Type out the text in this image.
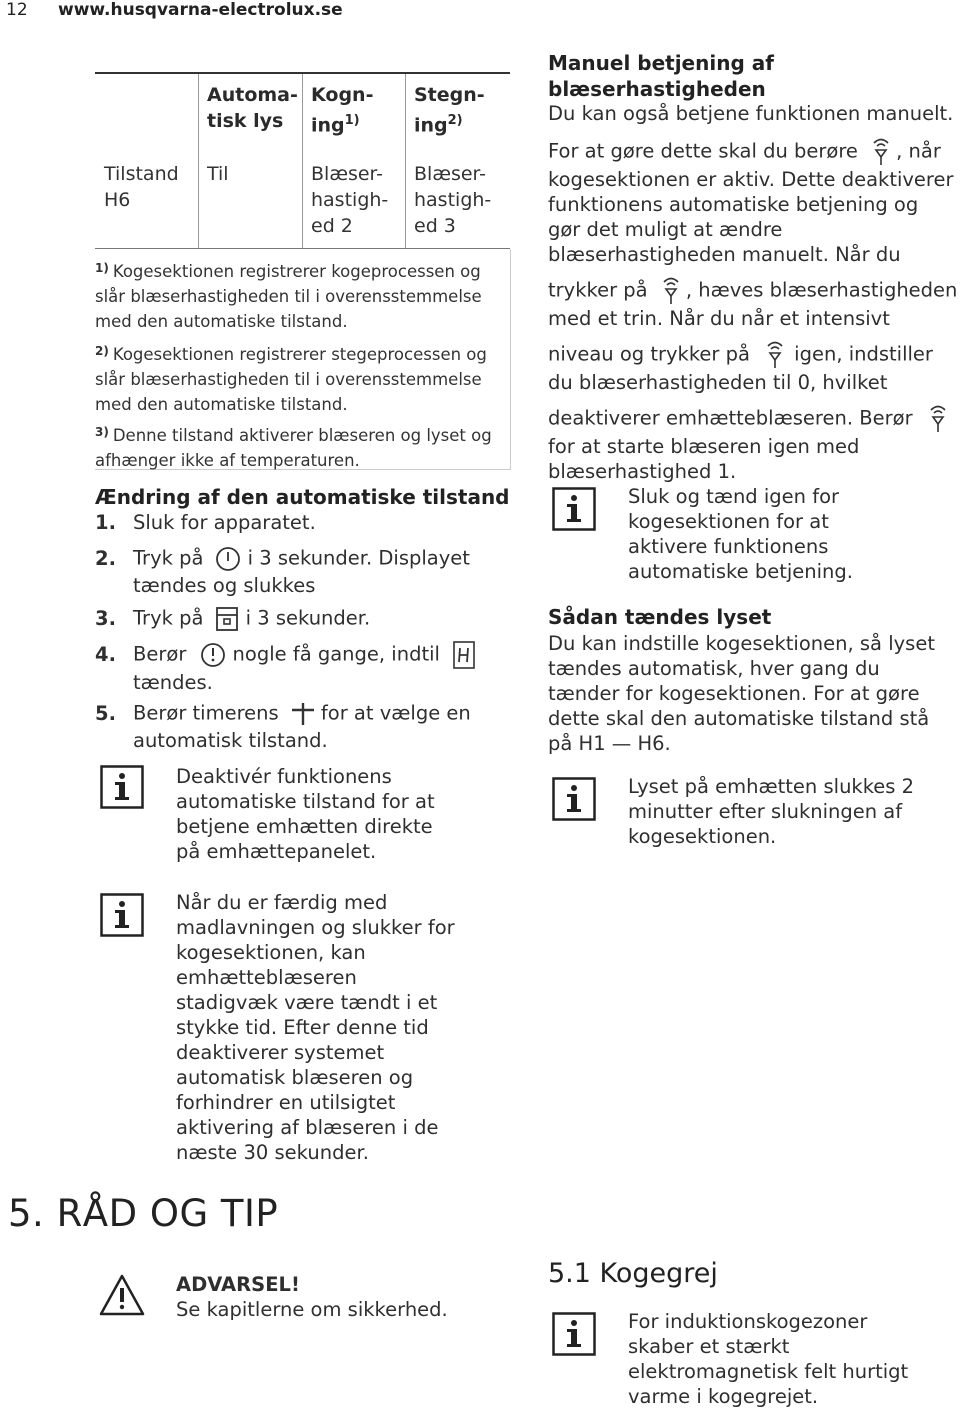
12 www.husqvarna-electrolux.se
Automa-
tisk lys
Kogn-
ing$^{1)}$
Stegn-
ing$^{2)}$
Tilstand
H6
Til	Blæser-
hastigh-
ed 2
Blæser-
hastigh-
ed 3
$^{1)}$ Kogesektionen registrerer kogeprocessen og
slår blæserhastigheden til i overensstemmelse
med den automatiske tilstand.
$^{2)}$ Kogesektionen registrerer stegeprocessen og
slår blæserhastigheden til i overensstemmelse
med den automatiske tilstand.
$^{3)}$ Denne tilstand aktiverer blæseren og lyset og
afhænger ikke af temperaturen.
Ændring af den automatiske tilstand
1. Sluk for apparatet.
2. Tryk på i 3 sekunder. Displayet
tændes og slukkes
3. Tryk på i 3 sekunder.
4. Berør nogle få gange, indtil
tændes.
5. Berør timerens for at vælge en
automatisk tilstand.
Deaktivér funktionens
automatiske tilstand for at
betjene emhætten direkte
på emhættepanelet.
Når du er færdig med
madlavningen og slukker for
kogesektionen, kan
emhætteblæseren
stadigvæk være tændt i et
stykke tid. Efter denne tid
deaktiverer systemet
automatisk blæseren og
forhindrer en utilsigtet
aktivering af blæseren i de
næste 30 sekunder.
5. RÅD OG TIP
ADVARSEL!
Se kapitlerne om sikkerhed.
Manuel betjening af
blæserhastigheden
Du kan også betjene funktionen manuelt.
For at gøre dette skal du berøre , når
kogesektionen er aktiv. Dette deaktiverer
funktionens automatiske betjening og
gør det muligt at ændre
blæserhastigheden manuelt. Når du
trykker på , hæves blæserhastigheden
med et trin. Når du når et intensivt
niveau og trykker på igen, indstiller
du blæserhastigheden til 0, hvilket
deaktiverer emhætteblæseren. Berør
for at starte blæseren igen med
blæserhastighed 1.
Sluk og tænd igen for
kogesektionen for at
aktivere funktionens
automatiske betjening.
Sådan tændes lyset
Du kan indstille kogesektionen, så lyset
tændes automatisk, hver gang du
tænder for kogesektionen. For at gøre
dette skal den automatiske tilstand stå
på H1 — H6.
Lyset på emhætten slukkes 2
minutter efter slukningen af
kogesektionen.
5.1 Kogegrej
For induktionskogezoner
skaber et stærkt
elektromagnetisk felt hurtigt
varme i kogegrejet.
